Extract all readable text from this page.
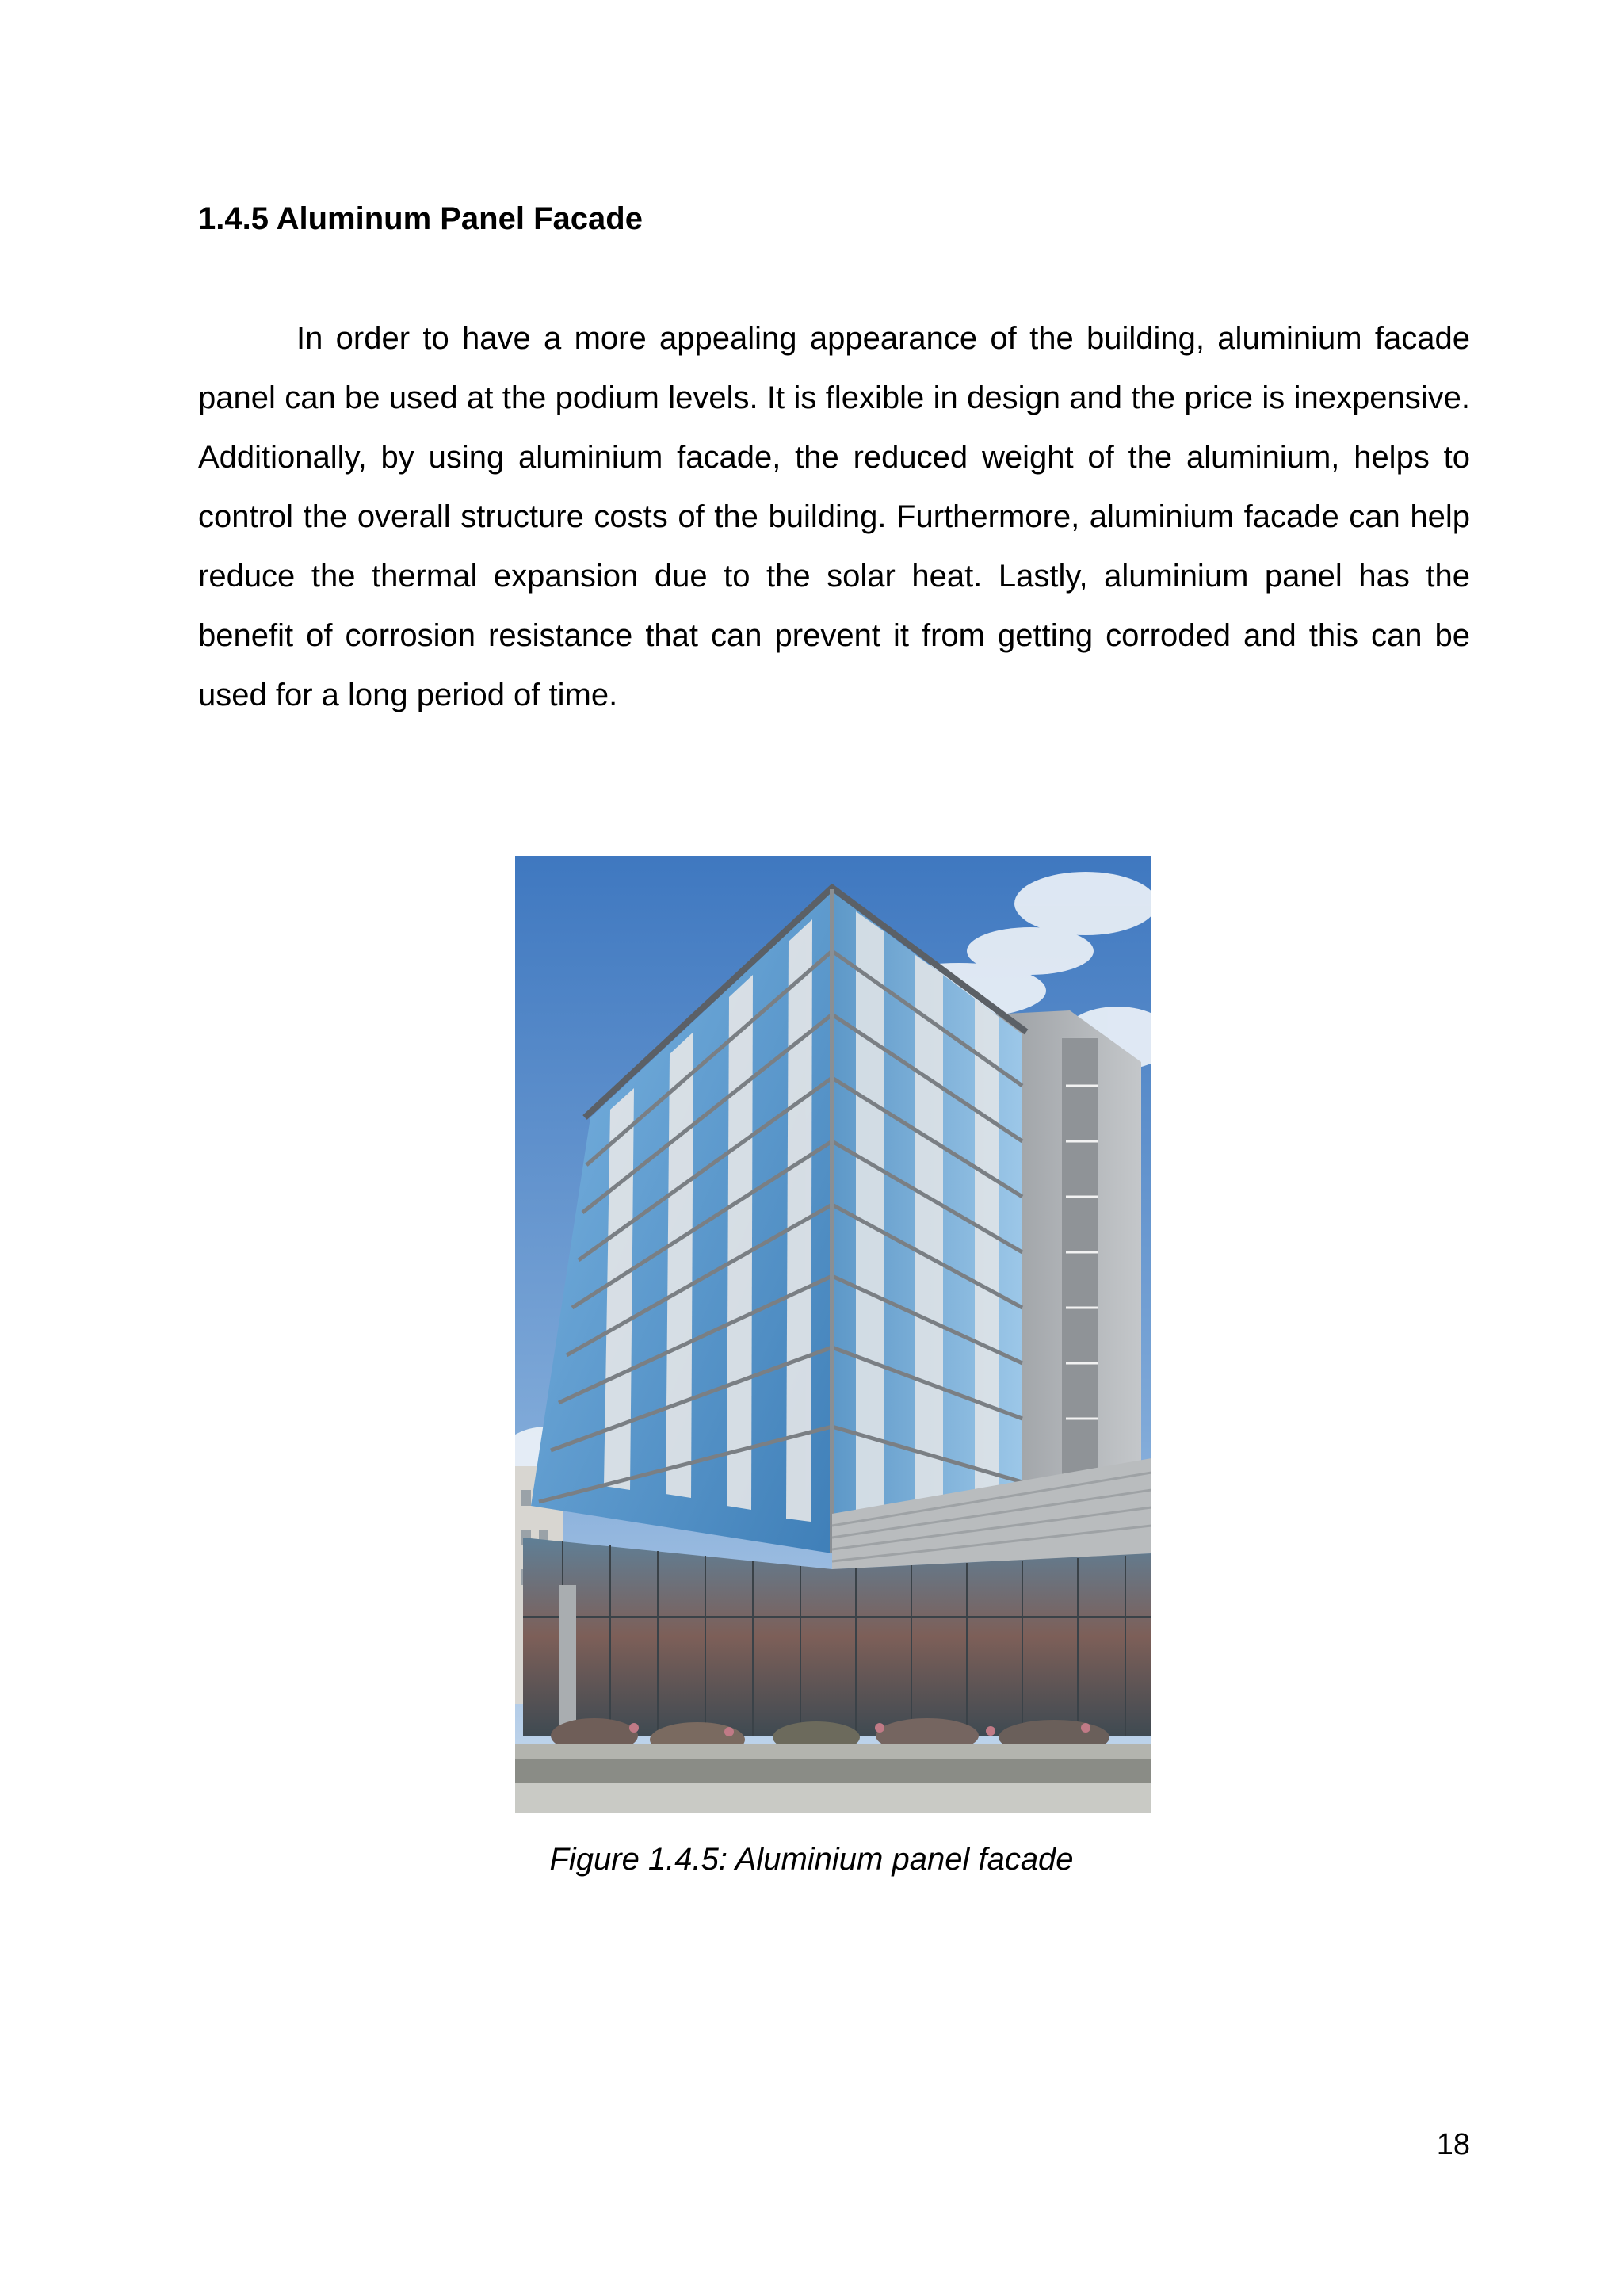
1.4.5 Aluminum Panel Facade

In order to have a more appealing appearance of the building, aluminium facade panel can be used at the podium levels. It is flexible in design and the price is inexpensive. Additionally, by using aluminium facade, the reduced weight of the aluminium, helps to control the overall structure costs of the building. Furthermore, aluminium facade can help reduce the thermal expansion due to the solar heat. Lastly, aluminium panel has the benefit of corrosion resistance that can prevent it from getting corroded and this can be used for a long period of time.

Figure 1.4.5: Aluminium panel facade

18
